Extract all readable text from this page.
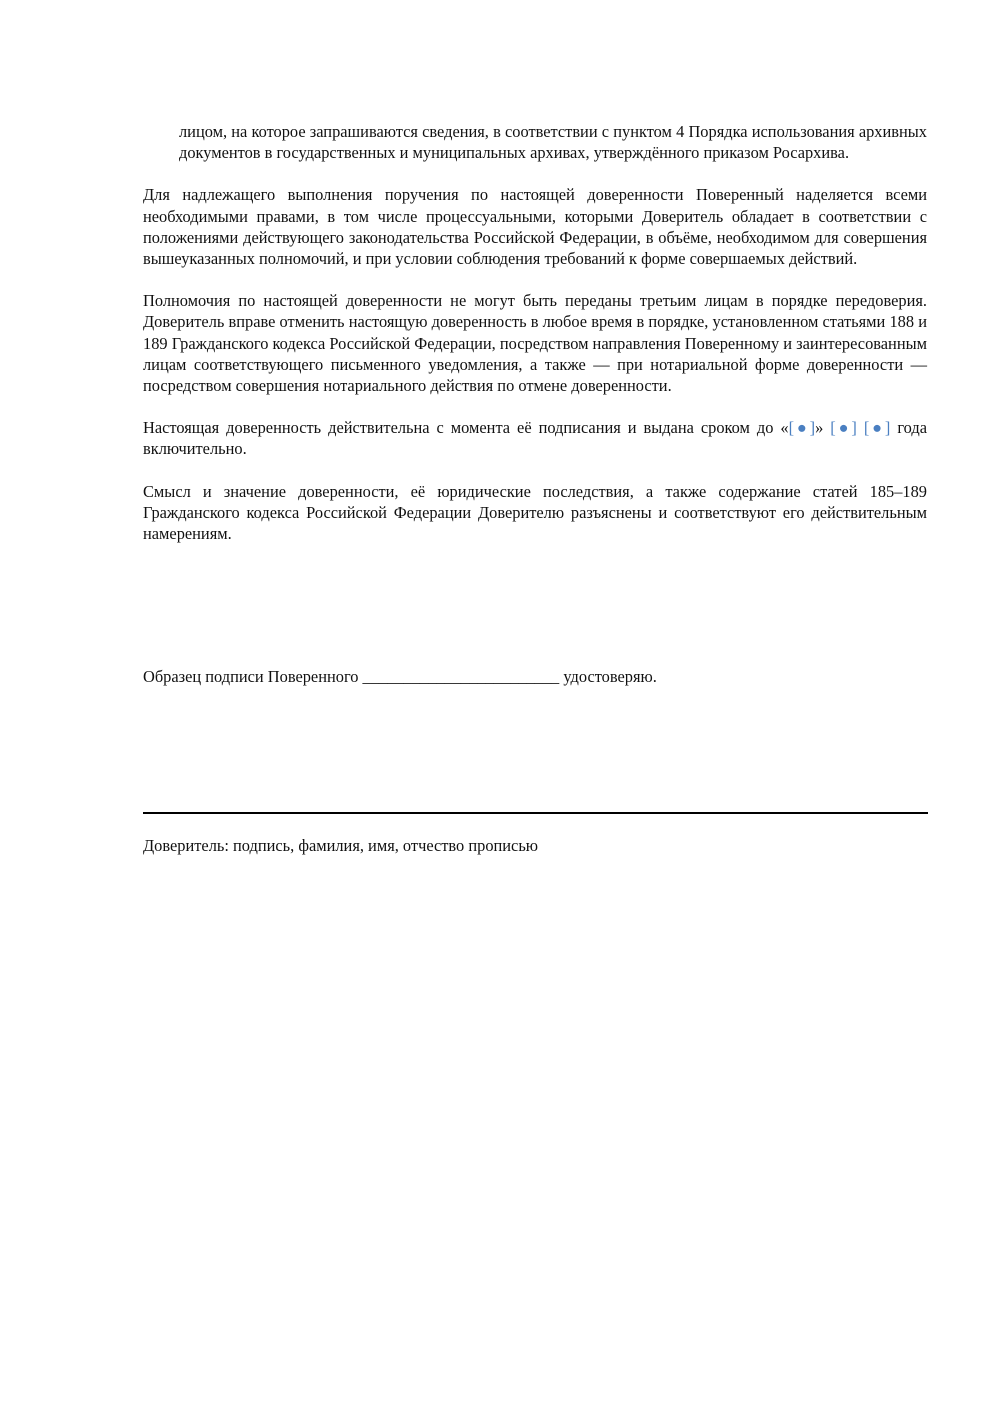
лицом, на которое запрашиваются сведения, в соответствии с пунктом 4 Порядка использования архивных документов в государственных и муниципальных архивах, утверждённого приказом Росархива.

Для надлежащего выполнения поручения по настоящей доверенности Поверенный наделяется всеми необходимыми правами, в том числе процессуальными, которыми Доверитель обладает в соответствии с положениями действующего законодательства Российской Федерации, в объёме, необходимом для совершения вышеуказанных полномочий, и при условии соблюдения требований к форме совершаемых действий.

Полномочия по настоящей доверенности не могут быть переданы третьим лицам в порядке передоверия. Доверитель вправе отменить настоящую доверенность в любое время в порядке, установленном статьями 188 и 189 Гражданского кодекса Российской Федерации, посредством направления Поверенному и заинтересованным лицам соответствующего письменного уведомления, а также — при нотариальной форме доверенности — посредством совершения нотариального действия по отмене доверенности.

Настоящая доверенность действительна с момента её подписания и выдана сроком до «[●]» [●] [●] года включительно.

Смысл и значение доверенности, её юридические последствия, а также содержание статей 185–189 Гражданского кодекса Российской Федерации Доверителю разъяснены и соответствуют его действительным намерениям.

Образец подписи Поверенного ________________________ удостоверяю.
Доверитель: подпись, фамилия, имя, отчество прописью
